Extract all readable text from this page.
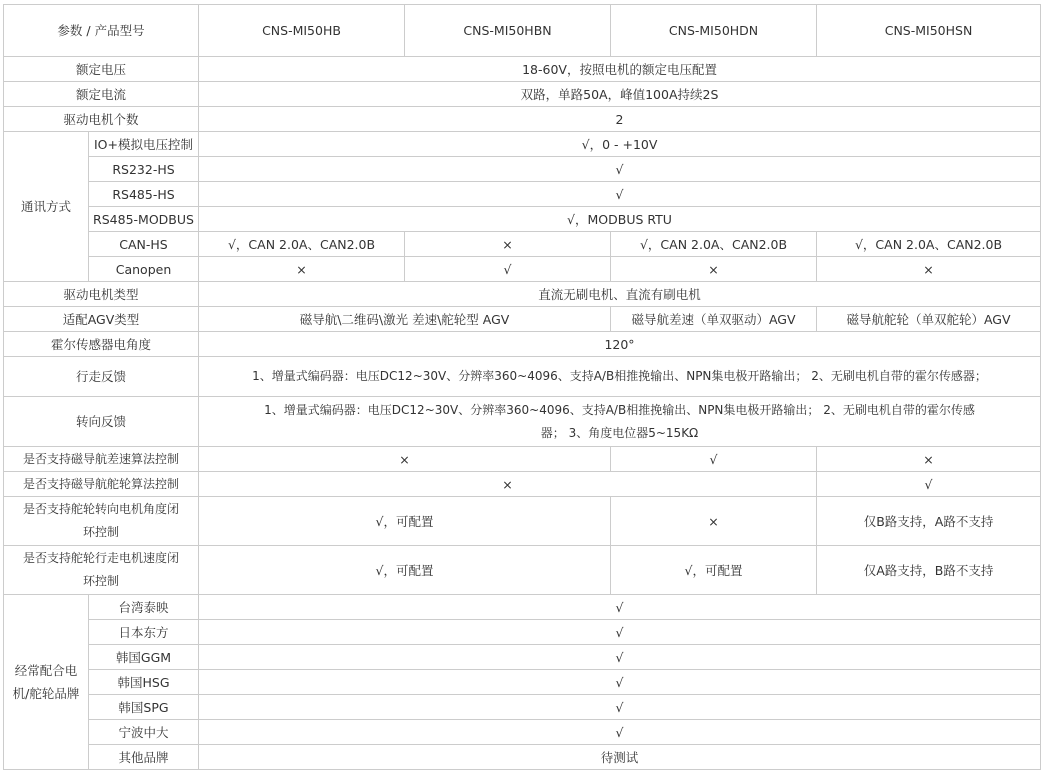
参数 / 产品型号		CNS-MI50HB	CNS-MI50HBN	CNS-MI50HDN	CNS-MI50HSN
额定电压		18-60V，按照电机的额定电压配置			
额定电流		双路，单路50A，峰值100A持续2S			
驱动电机个数		2			
通讯方式	IO+模拟电压控制	√，0 - +10V			
	RS232-HS	√			
	RS485-HS	√			
	RS485-MODBUS	√，MODBUS RTU			
	CAN-HS	√，CAN 2.0A、CAN2.0B	×	√，CAN 2.0A、CAN2.0B	√，CAN 2.0A、CAN2.0B
	Canopen	×	√	×	×
驱动电机类型		直流无刷电机、直流有刷电机			
适配AGV类型		磁导航\二维码\激光 差速\舵轮型 AGV		磁导航差速（单双驱动）AGV	磁导航舵轮（单双舵轮）AGV
霍尔传感器电角度		120°			
行走反馈		1、增量式编码器：电压DC12~30V、分辨率360~4096、支持A/B相推挽输出、NPN集电极开路输出； 2、无刷电机自带的霍尔传感器；			
转向反馈		1、增量式编码器：电压DC12~30V、分辨率360~4096、支持A/B相推挽输出、NPN集电极开路输出； 2、无刷电机自带的霍尔传感
器； 3、角度电位器5~15KΩ			

是否支持磁导航差速算法控制		×		√	×
是否支持磁导航舵轮算法控制		×			√

是否支持舵轮转向电机角度闭
环控制		√，可配置		×	仅B路支持，A路不支持

是否支持舵轮行走电机速度闭
环控制		√，可配置		√，可配置	仅A路支持，B路不支持

经常配合电
机/舵轮品牌	台湾泰映	√			
	日本东方	√			
	韩国GGM	√			
	韩国HSG	√			
	韩国SPG	√			
	宁波中大	√			
	其他品牌	待测试			
